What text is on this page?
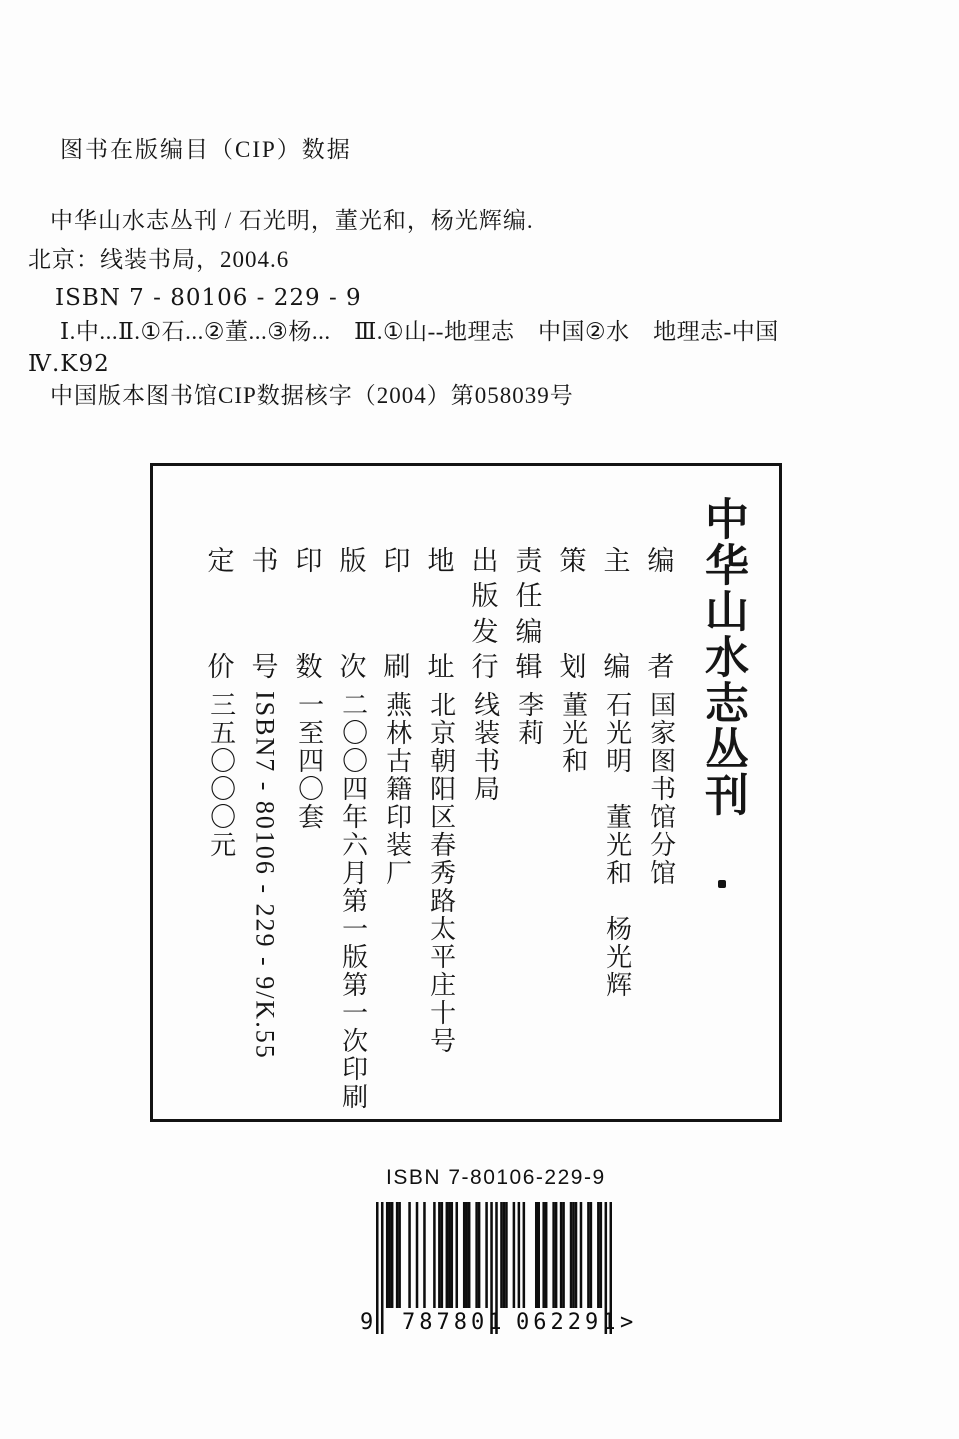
图书在版编目（CIP）数据
中华山水志丛刊 / 石光明，董光和，杨光辉编.
北京：线装书局，2004.6
ISBN 7 - 80106 - 229 - 9
Ⅰ.中...Ⅱ.①石...②董...③杨...　Ⅲ.①山--地理志　中国②水　地理志-中国
Ⅳ.K92
中国版本图书馆CIP数据核字（2004）第058039号
中华山水志丛刊
编
者
国家图书馆分馆
主
编
石光明　董光和　杨光辉
策
划
董光和
责
任
编
辑
李莉
出
版
发
行
线装书局
地
址
北京朝阳区春秀路太平庄十号
印
刷
燕林古籍印装厂
版
次
二〇〇四年六月第一版第一次印刷
印
数
一至四〇套
书
号
ISBN7 - 80106 - 229 - 9/K.55
定
价
三五〇〇〇元
ISBN 7-80106-229-9
9 787801 062291 >
